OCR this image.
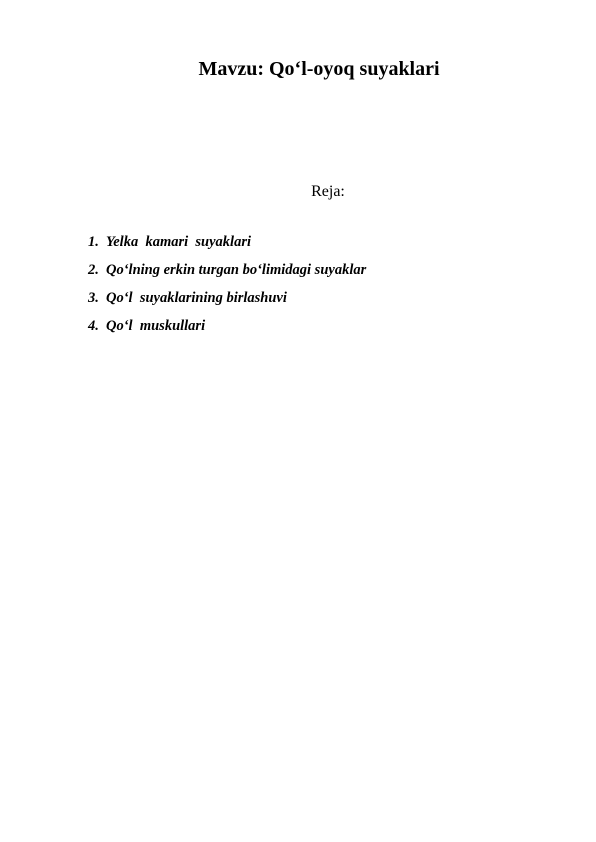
Mavzu: Qo‘l-oyoq suyaklari
Reja:
1. Yelka  kamari  suyaklari
2. Qo‘lning erkin turgan bo‘limidagi suyaklar
3. Qo‘l  suyaklarining birlashuvi
4. Qo‘l  muskullari
